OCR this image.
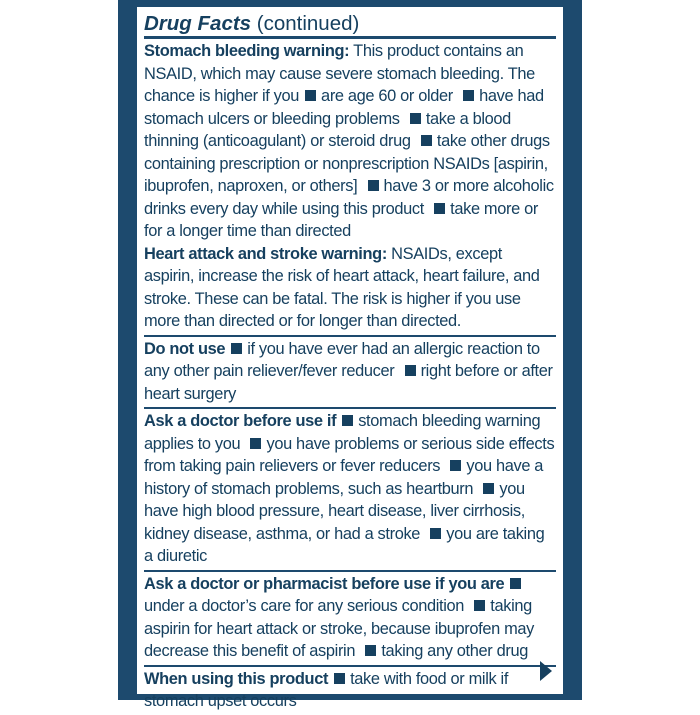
Drug Facts (continued)
Stomach bleeding warning: This product contains an NSAID, which may cause severe stomach bleeding. The chance is higher if you are age 60 or older have had stomach ulcers or bleeding problems take a blood thinning (anticoagulant) or steroid drug take other drugs containing prescription or nonprescription NSAIDs [aspirin, ibuprofen, naproxen, or others] have 3 or more alcoholic drinks every day while using this product take more or for a longer time than directed
Heart attack and stroke warning: NSAIDs, except aspirin, increase the risk of heart attack, heart failure, and stroke. These can be fatal. The risk is higher if you use more than directed or for longer than directed.
Do not use if you have ever had an allergic reaction to any other pain reliever/fever reducer right before or after heart surgery
Ask a doctor before use if stomach bleeding warning applies to you you have problems or serious side effects from taking pain relievers or fever reducers you have a history of stomach problems, such as heartburn you have high blood pressure, heart disease, liver cirrhosis, kidney disease, asthma, or had a stroke you are taking a diuretic
Ask a doctor or pharmacist before use if you areunder a doctor’s care for any serious condition taking aspirin for heart attack or stroke, because ibuprofen may decrease this benefit of aspirin taking any other drug
When using this product take with food or milk if stomach upset occurs
